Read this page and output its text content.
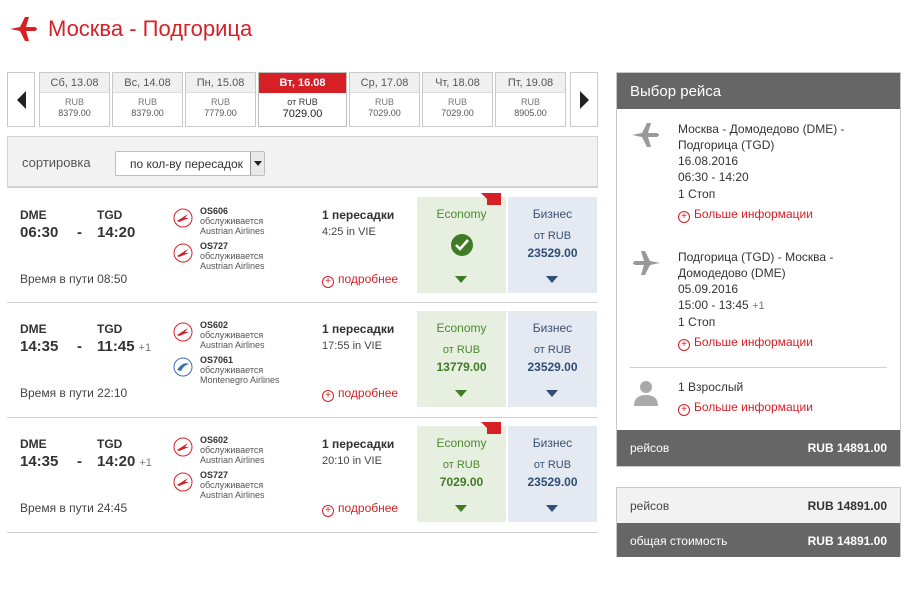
Москва - Подгорица
Сб, 13.08
RUB
8379.00
Вс, 14.08
RUB
8379.00
Пн, 15.08
RUB
7779.00
Вт, 16.08
от RUB
7029.00
Ср, 17.08
RUB
7029.00
Чт, 18.08
RUB
7029.00
Пт, 19.08
RUB
8905.00
сортировка	по кол-ву пересадок
DME	TGD
06:30 - 14:20
Время в пути 08:50
OS606
обслуживается
Austrian Airlines
OS727
обслуживается
Austrian Airlines
1 пересадки
4:25 in VIE
+ подробнее
Economy	Бизнес
от RUB
23529.00
DME	TGD
14:35 - 11:45 +1
Время в пути 22:10
OS602
обслуживается
Austrian Airlines
OS7061
обслуживается
Montenegro Airlines
1 пересадки
17:55 in VIE
+ подробнее
Economy
от RUB
13779.00
Бизнес
от RUB
23529.00
DME	TGD
14:35 - 14:20 +1
Время в пути 24:45
OS602
обслуживается
Austrian Airlines
OS727
обслуживается
Austrian Airlines
1 пересадки
20:10 in VIE
+ подробнее
Economy
от RUB
7029.00
Бизнес
от RUB
23529.00
Выбор рейса
Москва - Домодедово (DME) - Подгорица (TGD)
16.08.2016
06:30 - 14:20
1 Стоп
+ Больше информации
Подгорица (TGD) - Москва - Домодедово (DME)
05.09.2016
15:00 - 13:45 +1
1 Стоп
+ Больше информации
1 Взрослый
+ Больше информации
рейсов	RUB 14891.00
рейсов	RUB 14891.00
общая стоимость	RUB 14891.00
